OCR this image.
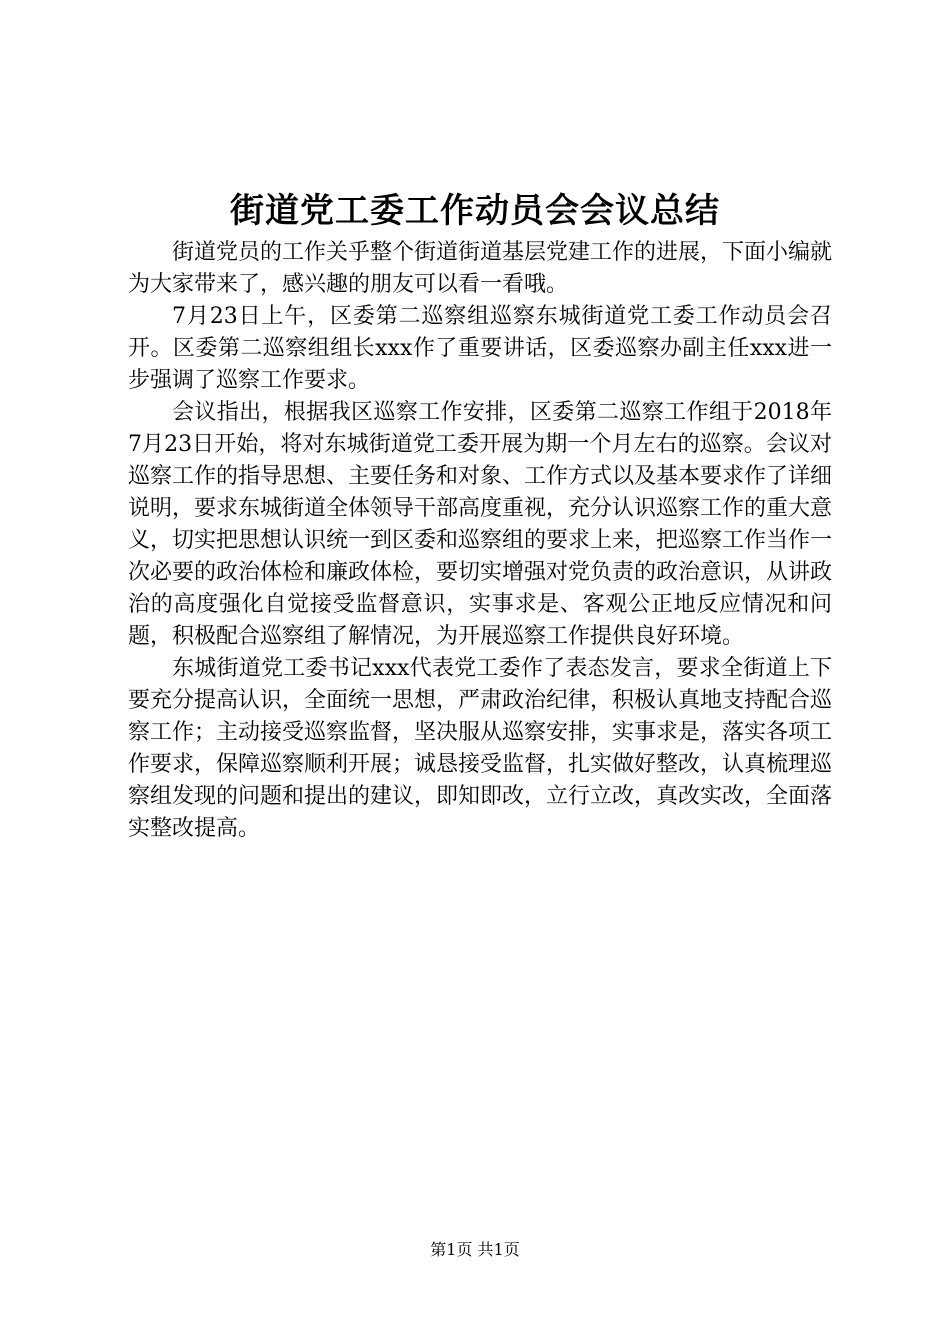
街道党工委工作动员会会议总结

街道党员的工作关乎整个街道街道基层党建工作的进展，下面小编就为大家带来了，感兴趣的朋友可以看一看哦。

7月23日上午，区委第二巡察组巡察东城街道党工委工作动员会召开。区委第二巡察组组长xxx作了重要讲话，区委巡察办副主任xxx进一步强调了巡察工作要求。

会议指出，根据我区巡察工作安排，区委第二巡察工作组于2018年7月23日开始，将对东城街道党工委开展为期一个月左右的巡察。会议对巡察工作的指导思想、主要任务和对象、工作方式以及基本要求作了详细说明，要求东城街道全体领导干部高度重视，充分认识巡察工作的重大意义，切实把思想认识统一到区委和巡察组的要求上来，把巡察工作当作一次必要的政治体检和廉政体检，要切实增强对党负责的政治意识，从讲政治的高度强化自觉接受监督意识，实事求是、客观公正地反应情况和问题，积极配合巡察组了解情况，为开展巡察工作提供良好环境。

东城街道党工委书记xxx代表党工委作了表态发言，要求全街道上下要充分提高认识，全面统一思想，严肃政治纪律，积极认真地支持配合巡察工作；主动接受巡察监督，坚决服从巡察安排，实事求是，落实各项工作要求，保障巡察顺利开展；诚恳接受监督，扎实做好整改，认真梳理巡察组发现的问题和提出的建议，即知即改，立行立改，真改实改，全面落实整改提高。

第1页 共1页
